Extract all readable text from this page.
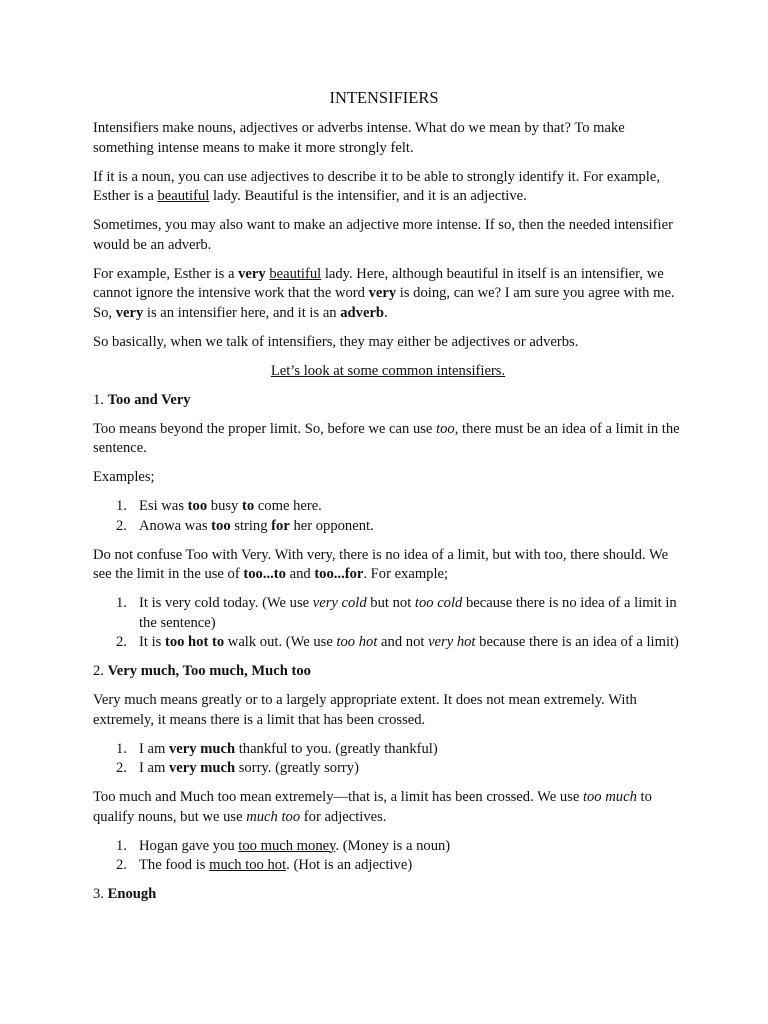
INTENSIFIERS

Intensifiers make nouns, adjectives or adverbs intense. What do we mean by that? To make something intense means to make it more strongly felt.

If it is a noun, you can use adjectives to describe it to be able to strongly identify it. For example, Esther is a beautiful lady. Beautiful is the intensifier, and it is an adjective.

Sometimes, you may also want to make an adjective more intense. If so, then the needed intensifier would be an adverb.

For example, Esther is a very beautiful lady. Here, although beautiful in itself is an intensifier, we cannot ignore the intensive work that the word very is doing, can we? I am sure you agree with me. So, very is an intensifier here, and it is an adverb.

So basically, when we talk of intensifiers, they may either be adjectives or adverbs.

Let’s look at some common intensifiers.

1. Too and Very

Too means beyond the proper limit. So, before we can use too, there must be an idea of a limit in the sentence.

Examples;

1. Esi was too busy to come here.
2. Anowa was too string for her opponent.

Do not confuse Too with Very. With very, there is no idea of a limit, but with too, there should. We see the limit in the use of too...to and too...for. For example;

1. It is very cold today. (We use very cold but not too cold because there is no idea of a limit in the sentence)
2. It is too hot to walk out. (We use too hot and not very hot because there is an idea of a limit)

2. Very much, Too much, Much too

Very much means greatly or to a largely appropriate extent. It does not mean extremely. With extremely, it means there is a limit that has been crossed.

1. I am very much thankful to you. (greatly thankful)
2. I am very much sorry. (greatly sorry)

Too much and Much too mean extremely—that is, a limit has been crossed. We use too much to qualify nouns, but we use much too for adjectives.

1. Hogan gave you too much money. (Money is a noun)
2. The food is much too hot. (Hot is an adjective)

3. Enough
